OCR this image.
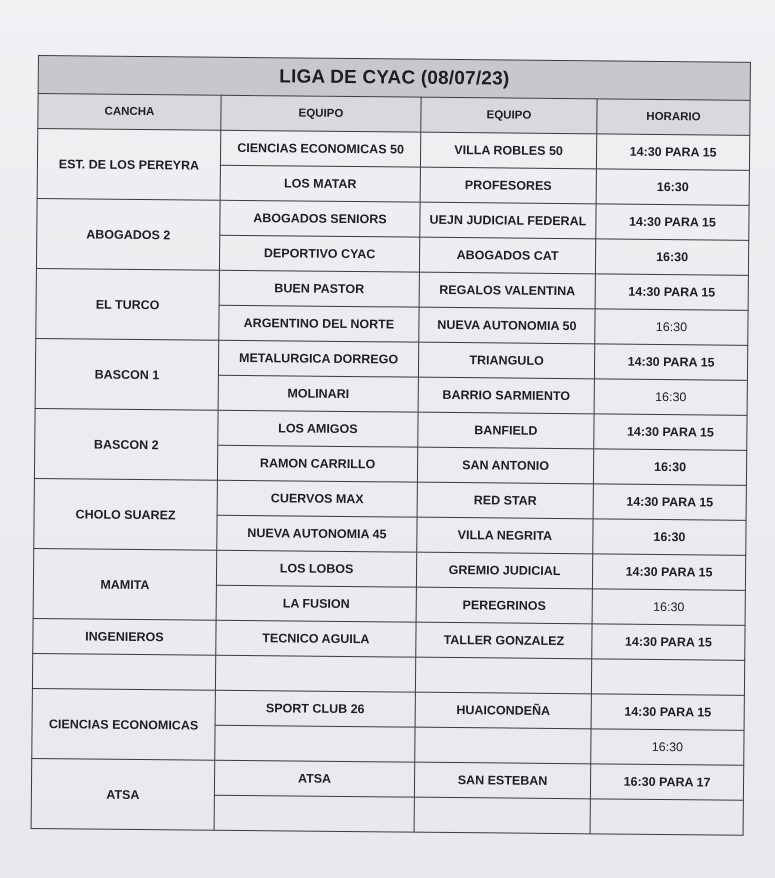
LIGA DE CYAC (08/07/23)			
CANCHA	EQUIPO	EQUIPO	HORARIO
EST. DE LOS PEREYRA	CIENCIAS ECONOMICAS 50	VILLA ROBLES 50	14:30 PARA 15
	LOS MATAR	PROFESORES	16:30
ABOGADOS 2	ABOGADOS SENIORS	UEJN JUDICIAL FEDERAL	14:30 PARA 15
	DEPORTIVO CYAC	ABOGADOS CAT	16:30
EL TURCO	BUEN PASTOR	REGALOS VALENTINA	14:30 PARA 15
	ARGENTINO DEL NORTE	NUEVA AUTONOMIA 50	16:30
BASCON 1	METALURGICA DORREGO	TRIANGULO	14:30 PARA 15
	MOLINARI	BARRIO SARMIENTO	16:30
BASCON 2	LOS AMIGOS	BANFIELD	14:30 PARA 15
	RAMON CARRILLO	SAN ANTONIO	16:30
CHOLO SUAREZ	CUERVOS MAX	RED STAR	14:30 PARA 15
	NUEVA AUTONOMIA 45	VILLA NEGRITA	16:30
MAMITA	LOS LOBOS	GREMIO JUDICIAL	14:30 PARA 15
	LA FUSION	PEREGRINOS	16:30
INGENIEROS	TECNICO AGUILA	TALLER GONZALEZ	14:30 PARA 15

CIENCIAS ECONOMICAS	SPORT CLUB 26	HUAICONDEÑA	14:30 PARA 15
			16:30
ATSA	ATSA	SAN ESTEBAN	16:30 PARA 17
